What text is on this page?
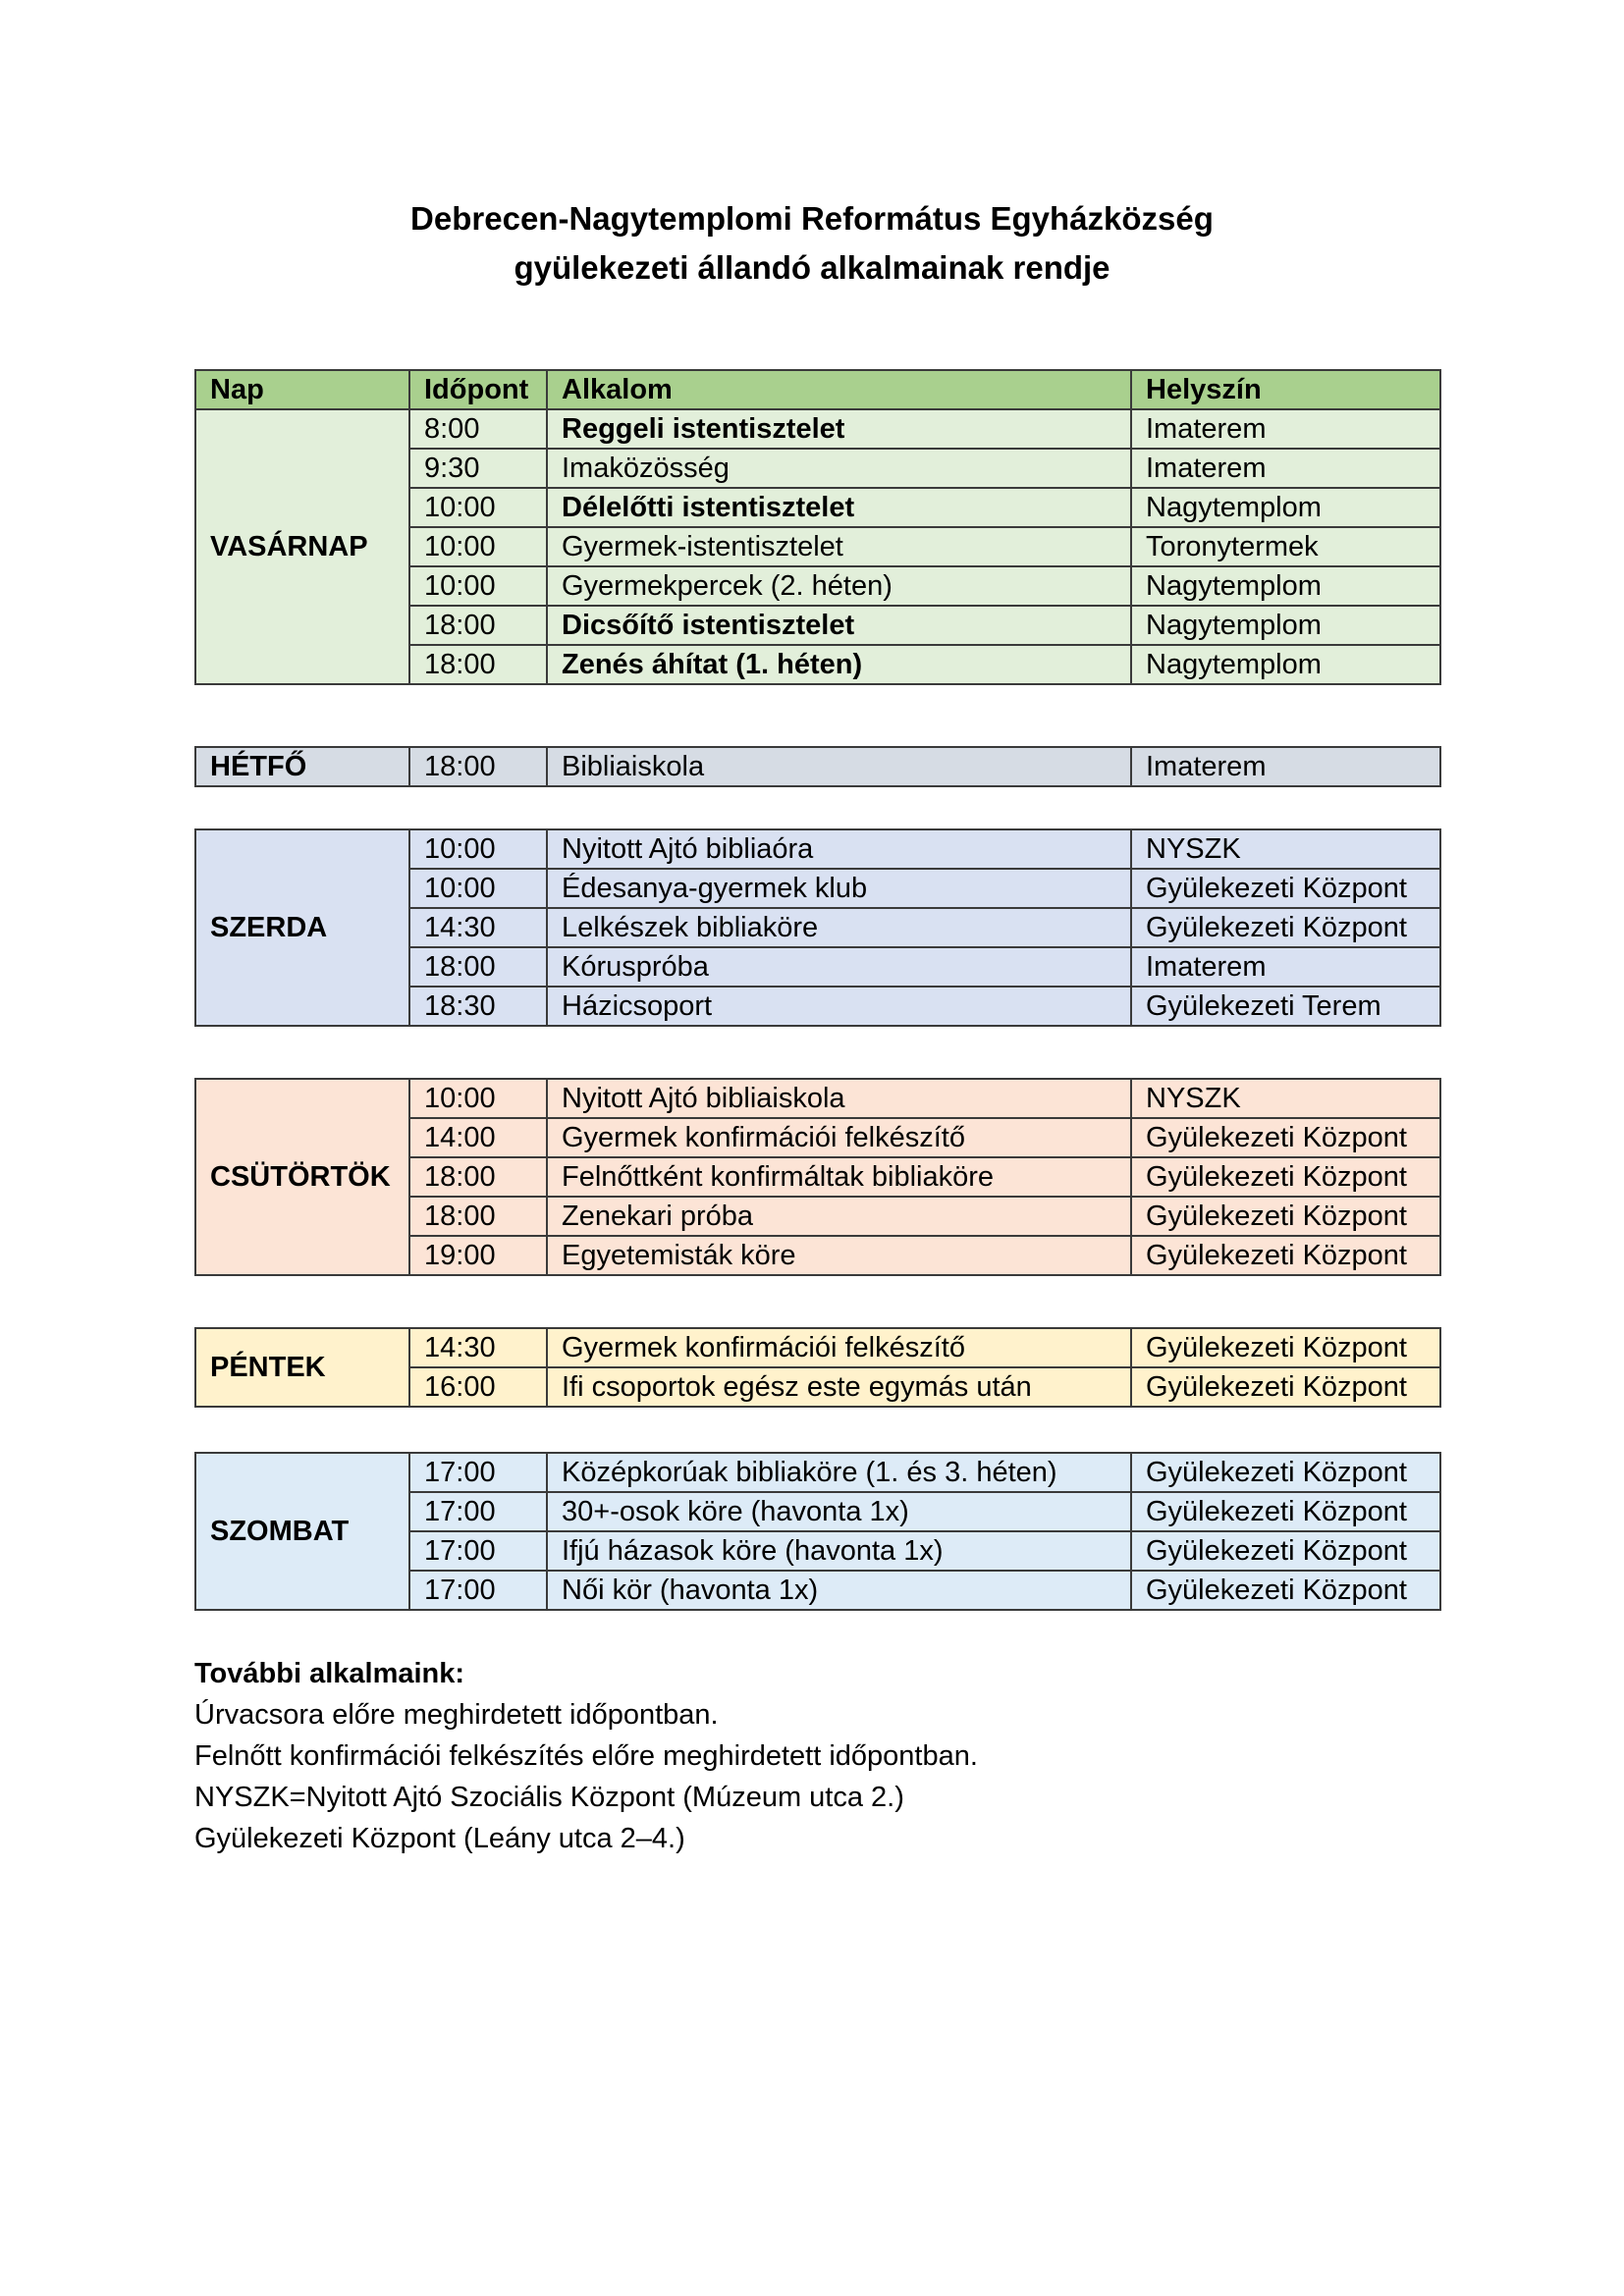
Debrecen-Nagytemplomi Református Egyházközség
gyülekezeti állandó alkalmainak rendje
Nap	Időpont	Alkalom	Helyszín
VASÁRNAP	8:00	Reggeli istentisztelet	Imaterem
	9:30	Imaközösség	Imaterem
	10:00	Délelőtti istentisztelet	Nagytemplom
	10:00	Gyermek-istentisztelet	Toronytermek
	10:00	Gyermekpercek (2. héten)	Nagytemplom
	18:00	Dicsőítő istentisztelet	Nagytemplom
	18:00	Zenés áhítat (1. héten)	Nagytemplom
HÉTFŐ	18:00	Bibliaiskola	Imaterem
SZERDA	10:00	Nyitott Ajtó bibliaóra	NYSZK
	10:00	Édesanya-gyermek klub	Gyülekezeti Központ
	14:30	Lelkészek bibliaköre	Gyülekezeti Központ
	18:00	Kóruspróba	Imaterem
	18:30	Házicsoport	Gyülekezeti Terem
CSÜTÖRTÖK	10:00	Nyitott Ajtó bibliaiskola	NYSZK
	14:00	Gyermek konfirmációi felkészítő	Gyülekezeti Központ
	18:00	Felnőttként konfirmáltak bibliaköre	Gyülekezeti Központ
	18:00	Zenekari próba	Gyülekezeti Központ
	19:00	Egyetemisták köre	Gyülekezeti Központ
PÉNTEK	14:30	Gyermek konfirmációi felkészítő	Gyülekezeti Központ
	16:00	Ifi csoportok egész este egymás után	Gyülekezeti Központ
SZOMBAT	17:00	Középkorúak bibliaköre (1. és 3. héten)	Gyülekezeti Központ
	17:00	30+-osok köre (havonta 1x)	Gyülekezeti Központ
	17:00	Ifjú házasok köre (havonta 1x)	Gyülekezeti Központ
	17:00	Női kör (havonta 1x)	Gyülekezeti Központ
További alkalmaink:
Úrvacsora előre meghirdetett időpontban.
Felnőtt konfirmációi felkészítés előre meghirdetett időpontban.
NYSZK=Nyitott Ajtó Szociális Központ (Múzeum utca 2.)
Gyülekezeti Központ (Leány utca 2–4.)
